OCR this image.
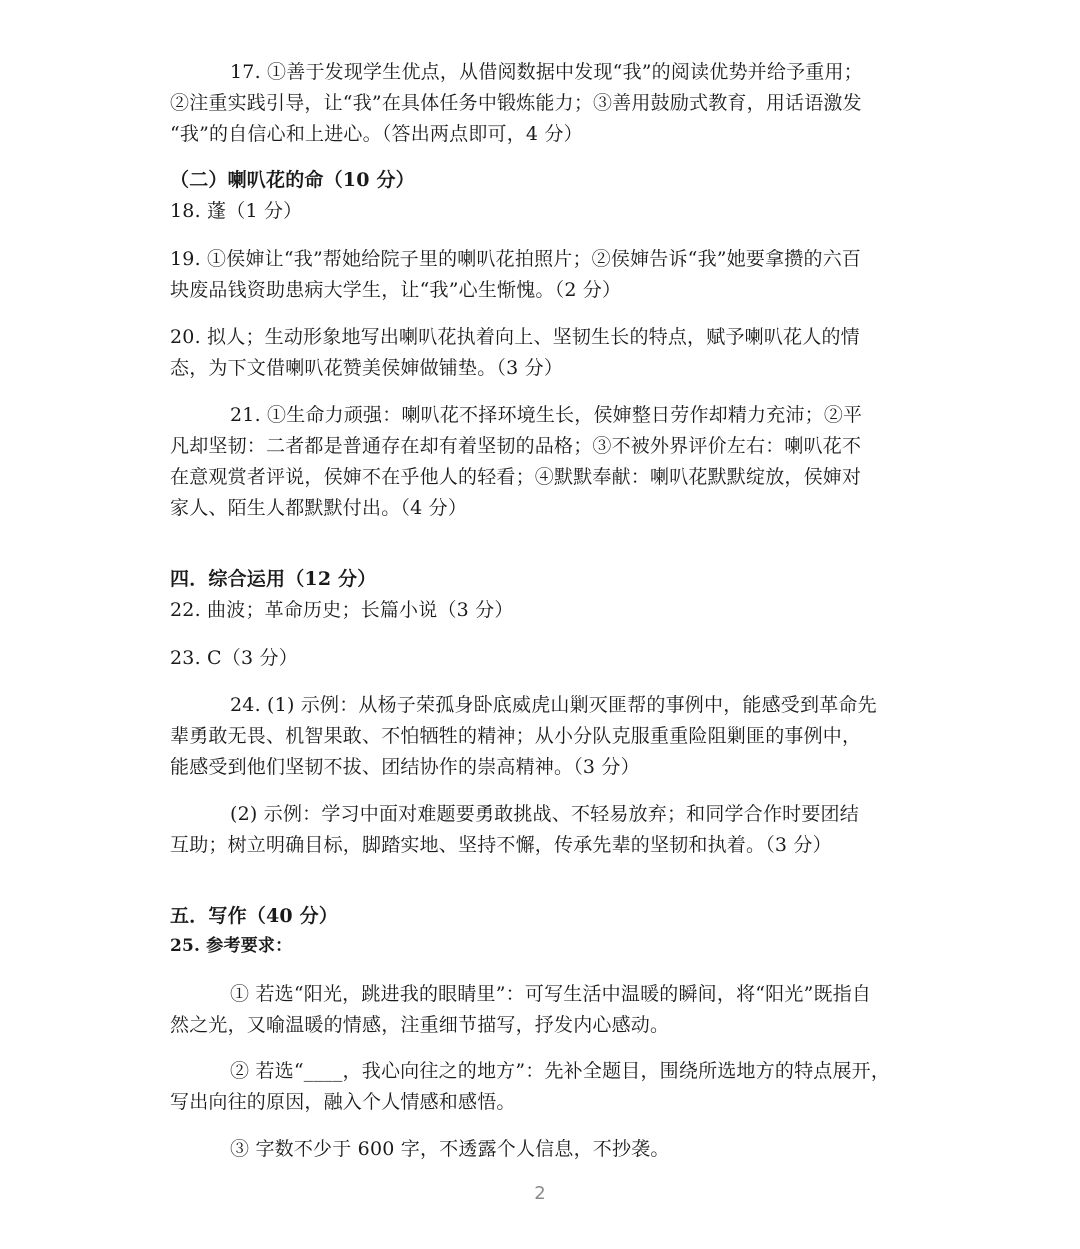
17. ①善于发现学生优点，从借阅数据中发现“我”的阅读优势并给予重用；
②注重实践引导，让“我”在具体任务中锻炼能力；③善用鼓励式教育，用话语激发
“我”的自信心和上进心。（答出两点即可，4 分）
（二）喇叭花的命（10 分）
18. 蓬（1 分）
19. ①侯婶让“我”帮她给院子里的喇叭花拍照片；②侯婶告诉“我”她要拿攒的六百
块废品钱资助患病大学生，让“我”心生惭愧。（2 分）
20. 拟人；生动形象地写出喇叭花执着向上、坚韧生长的特点，赋予喇叭花人的情
态，为下文借喇叭花赞美侯婶做铺垫。（3 分）
21. ①生命力顽强：喇叭花不择环境生长，侯婶整日劳作却精力充沛；②平
凡却坚韧：二者都是普通存在却有着坚韧的品格；③不被外界评价左右：喇叭花不
在意观赏者评说，侯婶不在乎他人的轻看；④默默奉献：喇叭花默默绽放，侯婶对
家人、陌生人都默默付出。（4 分）
四．综合运用（12 分）
22. 曲波；革命历史；长篇小说（3 分）
23. C（3 分）
24. (1) 示例：从杨子荣孤身卧底威虎山剿灭匪帮的事例中，能感受到革命先
辈勇敢无畏、机智果敢、不怕牺牲的精神；从小分队克服重重险阻剿匪的事例中，
能感受到他们坚韧不拔、团结协作的崇高精神。（3 分）
(2) 示例：学习中面对难题要勇敢挑战、不轻易放弃；和同学合作时要团结
互助；树立明确目标，脚踏实地、坚持不懈，传承先辈的坚韧和执着。（3 分）
五．写作（40 分）
25. 参考要求：
① 若选“阳光，跳进我的眼睛里”：可写生活中温暖的瞬间，将“阳光”既指自
然之光，又喻温暖的情感，注重细节描写，抒发内心感动。
② 若选“____，我心向往之的地方”：先补全题目，围绕所选地方的特点展开，
写出向往的原因，融入个人情感和感悟。
③ 字数不少于 600 字，不透露个人信息，不抄袭。
2
